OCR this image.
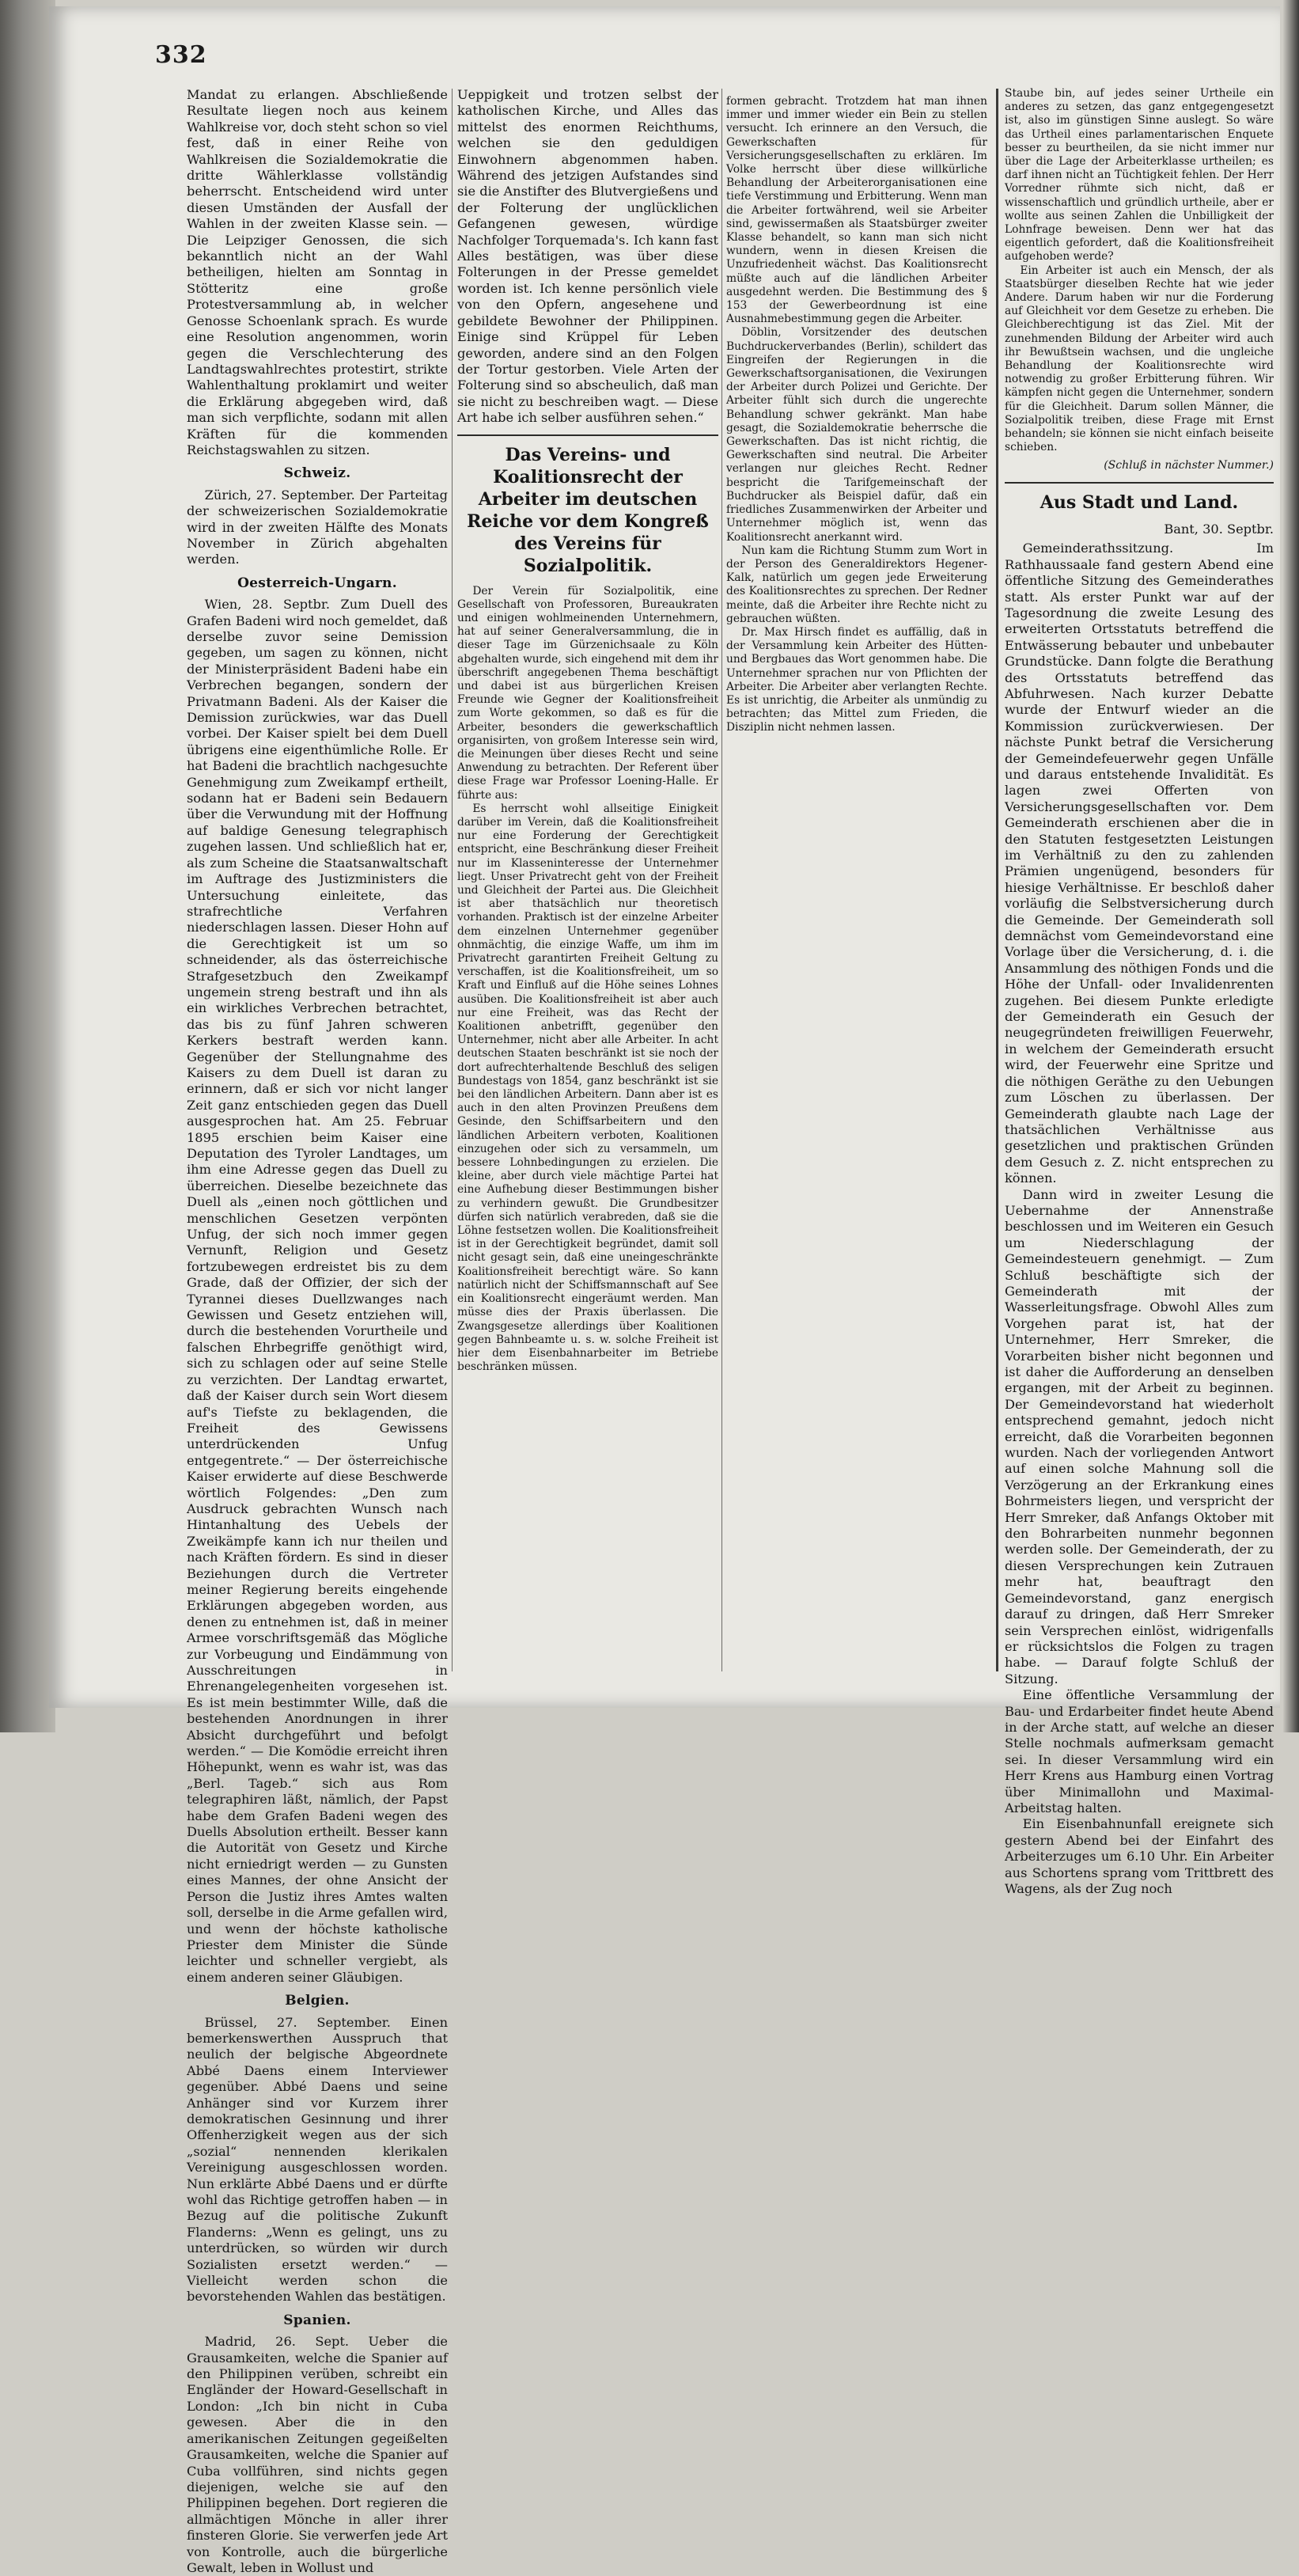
332

Mandat zu erlangen. Abschließende Resultate liegen noch aus keinem Wahlkreise vor, doch steht schon so viel fest, daß in einer Reihe von Wahlkreisen die Sozialdemokratie die dritte Wählerklasse vollständig beherrscht. Entscheidend wird unter diesen Umständen der Ausfall der Wahlen in der zweiten Klasse sein. — Die Leipziger Genossen, die sich bekanntlich nicht an der Wahl betheiligen, hielten am Sonntag in Stötteritz eine große Protestversammlung ab, in welcher Genosse Schoenlank sprach. Es wurde eine Resolution angenommen, worin gegen die Verschlechterung des Landtagswahlrechtes protestirt, strikte Wahlenthaltung proklamirt und weiter die Erklärung abgegeben wird, daß man sich verpflichte, sodann mit allen Kräften für die kommenden Reichstagswahlen zu sitzen.

Schweiz.

Zürich, 27. September. Der Parteitag der schweizerischen Sozialdemokratie wird in der zweiten Hälfte des Monats November in Zürich abgehalten werden.

Oesterreich-Ungarn.

Wien, 28. Septbr. Zum Duell des Grafen Badeni wird noch gemeldet, daß derselbe zuvor seine Demission gegeben, um sagen zu können, nicht der Ministerpräsident Badeni habe ein Verbrechen begangen, sondern der Privatmann Badeni. Als der Kaiser die Demission zurückwies, war das Duell vorbei. Der Kaiser spielt bei dem Duell übrigens eine eigenthümliche Rolle. Er hat Badeni die brachtlich nachgesuchte Genehmigung zum Zweikampf ertheilt, sodann hat er Badeni sein Bedauern über die Verwundung mit der Hoffnung auf baldige Genesung telegraphisch zugehen lassen. Und schließlich hat er, als zum Scheine die Staatsanwaltschaft im Auftrage des Justizministers die Untersuchung einleitete, das strafrechtliche Verfahren niederschlagen lassen. Dieser Hohn auf die Gerechtigkeit ist um so schneidender, als das österreichische Strafgesetzbuch den Zweikampf ungemein streng bestraft und ihn als ein wirkliches Verbrechen betrachtet, das bis zu fünf Jahren schweren Kerkers bestraft werden kann. Gegenüber der Stellungnahme des Kaisers zu dem Duell ist daran zu erinnern, daß er sich vor nicht langer Zeit ganz entschieden gegen das Duell ausgesprochen hat. Am 25. Februar 1895 erschien beim Kaiser eine Deputation des Tyroler Landtages, um ihm eine Adresse gegen das Duell zu überreichen. Dieselbe bezeichnete das Duell als „einen noch göttlichen und menschlichen Gesetzen verpönten Unfug, der sich noch immer gegen Vernunft, Religion und Gesetz fortzubewegen erdreistet bis zu dem Grade, daß der Offizier, der sich der Tyrannei dieses Duellzwanges nach Gewissen und Gesetz entziehen will, durch die bestehenden Vorurtheile und falschen Ehrbegriffe genöthigt wird, sich zu schlagen oder auf seine Stelle zu verzichten. Der Landtag erwartet, daß der Kaiser durch sein Wort diesem auf's Tiefste zu beklagenden, die Freiheit des Gewissens unterdrückenden Unfug entgegentrete.“ — Der österreichische Kaiser erwiderte auf diese Beschwerde wörtlich Folgendes: „Den zum Ausdruck gebrachten Wunsch nach Hintanhaltung des Uebels der Zweikämpfe kann ich nur theilen und nach Kräften fördern. Es sind in dieser Beziehungen durch die Vertreter meiner Regierung bereits eingehende Erklärungen abgegeben worden, aus denen zu entnehmen ist, daß in meiner Armee vorschriftsgemäß das Mögliche zur Vorbeugung und Eindämmung von Ausschreitungen in Ehrenangelegenheiten vorgesehen ist. Es ist mein bestimmter Wille, daß die bestehenden Anordnungen in ihrer Absicht durchgeführt und befolgt werden.“ — Die Komödie erreicht ihren Höhepunkt, wenn es wahr ist, was das „Berl. Tageb.“ sich aus Rom telegraphiren läßt, nämlich, der Papst habe dem Grafen Badeni wegen des Duells Absolution ertheilt. Besser kann die Autorität von Gesetz und Kirche nicht erniedrigt werden — zu Gunsten eines Mannes, der ohne Ansicht der Person die Justiz ihres Amtes walten soll, derselbe in die Arme gefallen wird, und wenn der höchste katholische Priester dem Minister die Sünde leichter und schneller vergiebt, als einem anderen seiner Gläubigen.

Belgien.

Brüssel, 27. September. Einen bemerkenswerthen Ausspruch that neulich der belgische Abgeordnete Abbé Daens einem Interviewer gegenüber. Abbé Daens und seine Anhänger sind vor Kurzem ihrer demokratischen Gesinnung und ihrer Offenherzigkeit wegen aus der sich „sozial“ nennenden klerikalen Vereinigung ausgeschlossen worden. Nun erklärte Abbé Daens und er dürfte wohl das Richtige getroffen haben — in Bezug auf die politische Zukunft Flanderns: „Wenn es gelingt, uns zu unterdrücken, so würden wir durch Sozialisten ersetzt werden.“ — Vielleicht werden schon die bevorstehenden Wahlen das bestätigen.

Spanien.

Madrid, 26. Sept. Ueber die Grausamkeiten, welche die Spanier auf den Philippinen verüben, schreibt ein Engländer der Howard-Gesellschaft in London: „Ich bin nicht in Cuba gewesen. Aber die in den amerikanischen Zeitungen gegeißelten Grausamkeiten, welche die Spanier auf Cuba vollführen, sind nichts gegen diejenigen, welche sie auf den Philippinen begehen. Dort regieren die allmächtigen Mönche in aller ihrer finsteren Glorie. Sie verwerfen jede Art von Kontrolle, auch die bürgerliche Gewalt, leben in Wollust und

Ueppigkeit und trotzen selbst der katholischen Kirche, und Alles das mittelst des enormen Reichthums, welchen sie den geduldigen Einwohnern abgenommen haben. Während des jetzigen Aufstandes sind sie die Anstifter des Blutvergießens und der Folterung der unglücklichen Gefangenen gewesen, würdige Nachfolger Torquemada's. Ich kann fast Alles bestätigen, was über diese Folterungen in der Presse gemeldet worden ist. Ich kenne persönlich viele von den Opfern, angesehene und gebildete Bewohner der Philippinen. Einige sind Krüppel für Leben geworden, andere sind an den Folgen der Tortur gestorben. Viele Arten der Folterung sind so abscheulich, daß man sie nicht zu beschreiben wagt. — Diese Art habe ich selber ausführen sehen.“

Das Vereins- und Koalitionsrecht der Arbeiter im deutschen Reiche vor dem Kongreß des Vereins für Sozialpolitik.

Der Verein für Sozialpolitik, eine Gesellschaft von Professoren, Bureaukraten und einigen wohlmeinenden Unternehmern, hat auf seiner Generalversammlung, die in dieser Tage im Gürzenichsaale zu Köln abgehalten wurde, sich eingehend mit dem ihr überschrift angegebenen Thema beschäftigt und dabei ist aus bürgerlichen Kreisen Freunde wie Gegner der Koalitionsfreiheit zum Worte gekommen, so daß es für die Arbeiter, besonders die gewerkschaftlich organisirten, von großem Interesse sein wird, die Meinungen über dieses Recht und seine Anwendung zu betrachten. Der Referent über diese Frage war Professor Loening-Halle. Er führte aus:

Es herrscht wohl allseitige Einigkeit darüber im Verein, daß die Koalitionsfreiheit nur eine Forderung der Gerechtigkeit entspricht, eine Beschränkung dieser Freiheit nur im Klasseninteresse der Unternehmer liegt. Unser Privatrecht geht von der Freiheit und Gleichheit der Partei aus. Die Gleichheit ist aber thatsächlich nur theoretisch vorhanden. Praktisch ist der einzelne Arbeiter dem einzelnen Unternehmer gegenüber ohnmächtig, die einzige Waffe, um ihm im Privatrecht garantirten Freiheit Geltung zu verschaffen, ist die Koalitionsfreiheit, um so Kraft und Einfluß auf die Höhe seines Lohnes ausüben. Die Koalitionsfreiheit ist aber auch nur eine Freiheit, was das Recht der Koalitionen anbetrifft, gegenüber den Unternehmer, nicht aber alle Arbeiter. In acht deutschen Staaten beschränkt ist sie noch der dort aufrechterhaltende Beschluß des seligen Bundestags von 1854, ganz beschränkt ist sie bei den ländlichen Arbeitern. Dann aber ist es auch in den alten Provinzen Preußens dem Gesinde, den Schiffsarbeitern und den ländlichen Arbeitern verboten, Koalitionen einzugehen oder sich zu versammeln, um bessere Lohnbedingungen zu erzielen. Die kleine, aber durch viele mächtige Partei hat eine Aufhebung dieser Bestimmungen bisher zu verhindern gewußt. Die Grundbesitzer dürfen sich natürlich verabreden, daß sie die Löhne festsetzen wollen. Die Koalitionsfreiheit ist in der Gerechtigkeit begründet, damit soll nicht gesagt sein, daß eine uneingeschränkte Koalitionsfreiheit berechtigt wäre. So kann natürlich nicht der Schiffsmannschaft auf See ein Koalitionsrecht eingeräumt werden. Man müsse dies der Praxis überlassen. Die Zwangsgesetze allerdings über Koalitionen gegen Bahnbeamte u. s. w. solche Freiheit ist hier dem Eisenbahnarbeiter im Betriebe beschränken müssen.

formen gebracht. Trotzdem hat man ihnen immer und immer wieder ein Bein zu stellen versucht. Ich erinnere an den Versuch, die Gewerkschaften für Versicherungsgesellschaften zu erklären. Im Volke herrscht über diese willkürliche Behandlung der Arbeiterorganisationen eine tiefe Verstimmung und Erbitterung. Wenn man die Arbeiter fortwährend, weil sie Arbeiter sind, gewissermaßen als Staatsbürger zweiter Klasse behandelt, so kann man sich nicht wundern, wenn in diesen Kreisen die Unzufriedenheit wächst. Das Koalitionsrecht müßte auch auf die ländlichen Arbeiter ausgedehnt werden. Die Bestimmung des § 153 der Gewerbeordnung ist eine Ausnahmebestimmung gegen die Arbeiter.

Döblin, Vorsitzender des deutschen Buchdruckerverbandes (Berlin), schildert das Eingreifen der Regierungen in die Gewerkschaftsorganisationen, die Vexirungen der Arbeiter durch Polizei und Gerichte. Der Arbeiter fühlt sich durch die ungerechte Behandlung schwer gekränkt. Man habe gesagt, die Sozialdemokratie beherrsche die Gewerkschaften. Das ist nicht richtig, die Gewerkschaften sind neutral. Die Arbeiter verlangen nur gleiches Recht. Redner bespricht die Tarifgemeinschaft der Buchdrucker als Beispiel dafür, daß ein friedliches Zusammenwirken der Arbeiter und Unternehmer möglich ist, wenn das Koalitionsrecht anerkannt wird.

Nun kam die Richtung Stumm zum Wort in der Person des Generaldirektors Hegener-Kalk, natürlich um gegen jede Erweiterung des Koalitionsrechtes zu sprechen. Der Redner meinte, daß die Arbeiter ihre Rechte nicht zu gebrauchen wüßten.

Dr. Max Hirsch findet es auffällig, daß in der Versammlung kein Arbeiter des Hütten- und Bergbaues das Wort genommen habe. Die Unternehmer sprachen nur von Pflichten der Arbeiter. Die Arbeiter aber verlangten Rechte. Es ist unrichtig, die Arbeiter als unmündig zu betrachten; das Mittel zum Frieden, die Disziplin nicht nehmen lassen.

Staube bin, auf jedes seiner Urtheile ein anderes zu setzen, das ganz entgegengesetzt ist, also im günstigen Sinne auslegt. So wäre das Urtheil eines parlamentarischen Enquete besser zu beurtheilen, da sie nicht immer nur über die Lage der Arbeiterklasse urtheilen; es darf ihnen nicht an Tüchtigkeit fehlen. Der Herr Vorredner rühmte sich nicht, daß er wissenschaftlich und gründlich urtheile, aber er wollte aus seinen Zahlen die Unbilligkeit der Lohnfrage beweisen. Denn wer hat das eigentlich gefordert, daß die Koalitionsfreiheit aufgehoben werde?

Ein Arbeiter ist auch ein Mensch, der als Staatsbürger dieselben Rechte hat wie jeder Andere. Darum haben wir nur die Forderung auf Gleichheit vor dem Gesetze zu erheben. Die Gleichberechtigung ist das Ziel. Mit der zunehmenden Bildung der Arbeiter wird auch ihr Bewußtsein wachsen, und die ungleiche Behandlung der Koalitionsrechte wird notwendig zu großer Erbitterung führen. Wir kämpfen nicht gegen die Unternehmer, sondern für die Gleichheit. Darum sollen Männer, die Sozialpolitik treiben, diese Frage mit Ernst behandeln; sie können sie nicht einfach beiseite schieben.

(Schluß in nächster Nummer.)
Aus Stadt und Land.
Bant, 30. Septbr.

Gemeinderathssitzung. Im Rathhaussaale fand gestern Abend eine öffentliche Sitzung des Gemeinderathes statt. Als erster Punkt war auf der Tagesordnung die zweite Lesung des erweiterten Ortsstatuts betreffend die Entwässerung bebauter und unbebauter Grundstücke. Dann folgte die Berathung des Ortsstatuts betreffend das Abfuhrwesen. Nach kurzer Debatte wurde der Entwurf wieder an die Kommission zurückverwiesen. Der nächste Punkt betraf die Versicherung der Gemeindefeuerwehr gegen Unfälle und daraus entstehende Invalidität. Es lagen zwei Offerten von Versicherungsgesellschaften vor. Dem Gemeinderath erschienen aber die in den Statuten festgesetzten Leistungen im Verhältniß zu den zu zahlenden Prämien ungenügend, besonders für hiesige Verhältnisse. Er beschloß daher vorläufig die Selbstversicherung durch die Gemeinde. Der Gemeinderath soll demnächst vom Gemeindevorstand eine Vorlage über die Versicherung, d. i. die Ansammlung des nöthigen Fonds und die Höhe der Unfall- oder Invalidenrenten zugehen. Bei diesem Punkte erledigte der Gemeinderath ein Gesuch der neugegründeten freiwilligen Feuerwehr, in welchem der Gemeinderath ersucht wird, der Feuerwehr eine Spritze und die nöthigen Geräthe zu den Uebungen zum Löschen zu überlassen. Der Gemeinderath glaubte nach Lage der thatsächlichen Verhältnisse aus gesetzlichen und praktischen Gründen dem Gesuch z. Z. nicht entsprechen zu können.

Dann wird in zweiter Lesung die Uebernahme der Annenstraße beschlossen und im Weiteren ein Gesuch um Niederschlagung der Gemeindesteuern genehmigt. — Zum Schluß beschäftigte sich der Gemeinderath mit der Wasserleitungsfrage. Obwohl Alles zum Vorgehen parat ist, hat der Unternehmer, Herr Smreker, die Vorarbeiten bisher nicht begonnen und ist daher die Aufforderung an denselben ergangen, mit der Arbeit zu beginnen. Der Gemeindevorstand hat wiederholt entsprechend gemahnt, jedoch nicht erreicht, daß die Vorarbeiten begonnen wurden. Nach der vorliegenden Antwort auf einen solche Mahnung soll die Verzögerung an der Erkrankung eines Bohrmeisters liegen, und verspricht der Herr Smreker, daß Anfangs Oktober mit den Bohrarbeiten nunmehr begonnen werden solle. Der Gemeinderath, der zu diesen Versprechungen kein Zutrauen mehr hat, beauftragt den Gemeindevorstand, ganz energisch darauf zu dringen, daß Herr Smreker sein Versprechen einlöst, widrigenfalls er rücksichtslos die Folgen zu tragen habe. — Darauf folgte Schluß der Sitzung.

Eine öffentliche Versammlung der Bau- und Erdarbeiter findet heute Abend in der Arche statt, auf welche an dieser Stelle nochmals aufmerksam gemacht sei. In dieser Versammlung wird ein Herr Krens aus Hamburg einen Vortrag über Minimallohn und Maximal-Arbeitstag halten.

Ein Eisenbahnunfall ereignete sich gestern Abend bei der Einfahrt des Arbeiterzuges um 6.10 Uhr. Ein Arbeiter aus Schortens sprang vom Trittbrett des Wagens, als der Zug noch
